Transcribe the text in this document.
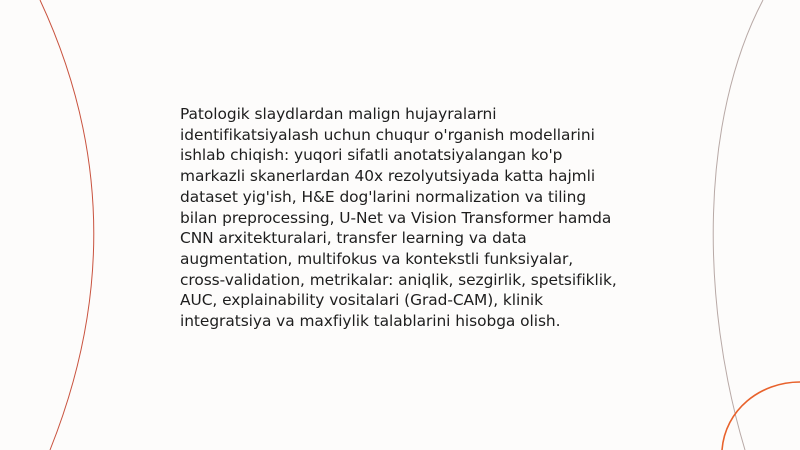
Patologik slaydlardan malign hujayralarni identifikatsiyalash uchun chuqur o'rganish modellarini ishlab chiqish: yuqori sifatli anotatsiyalangan ko'p markazli skanerlardan 40x rezolyutsiyada katta hajmli dataset yig'ish, H&E dog'larini normalization va tiling bilan preprocessing, U-Net va Vision Transformer hamda CNN arxitekturalari, transfer learning va data augmentation, multifokus va kontekstli funksiyalar, cross-validation, metrikalar: aniqlik, sezgirlik, spetsifiklik, AUC, explainability vositalari (Grad-CAM), klinik integratsiya va maxfiylik talablarini hisobga olish.
